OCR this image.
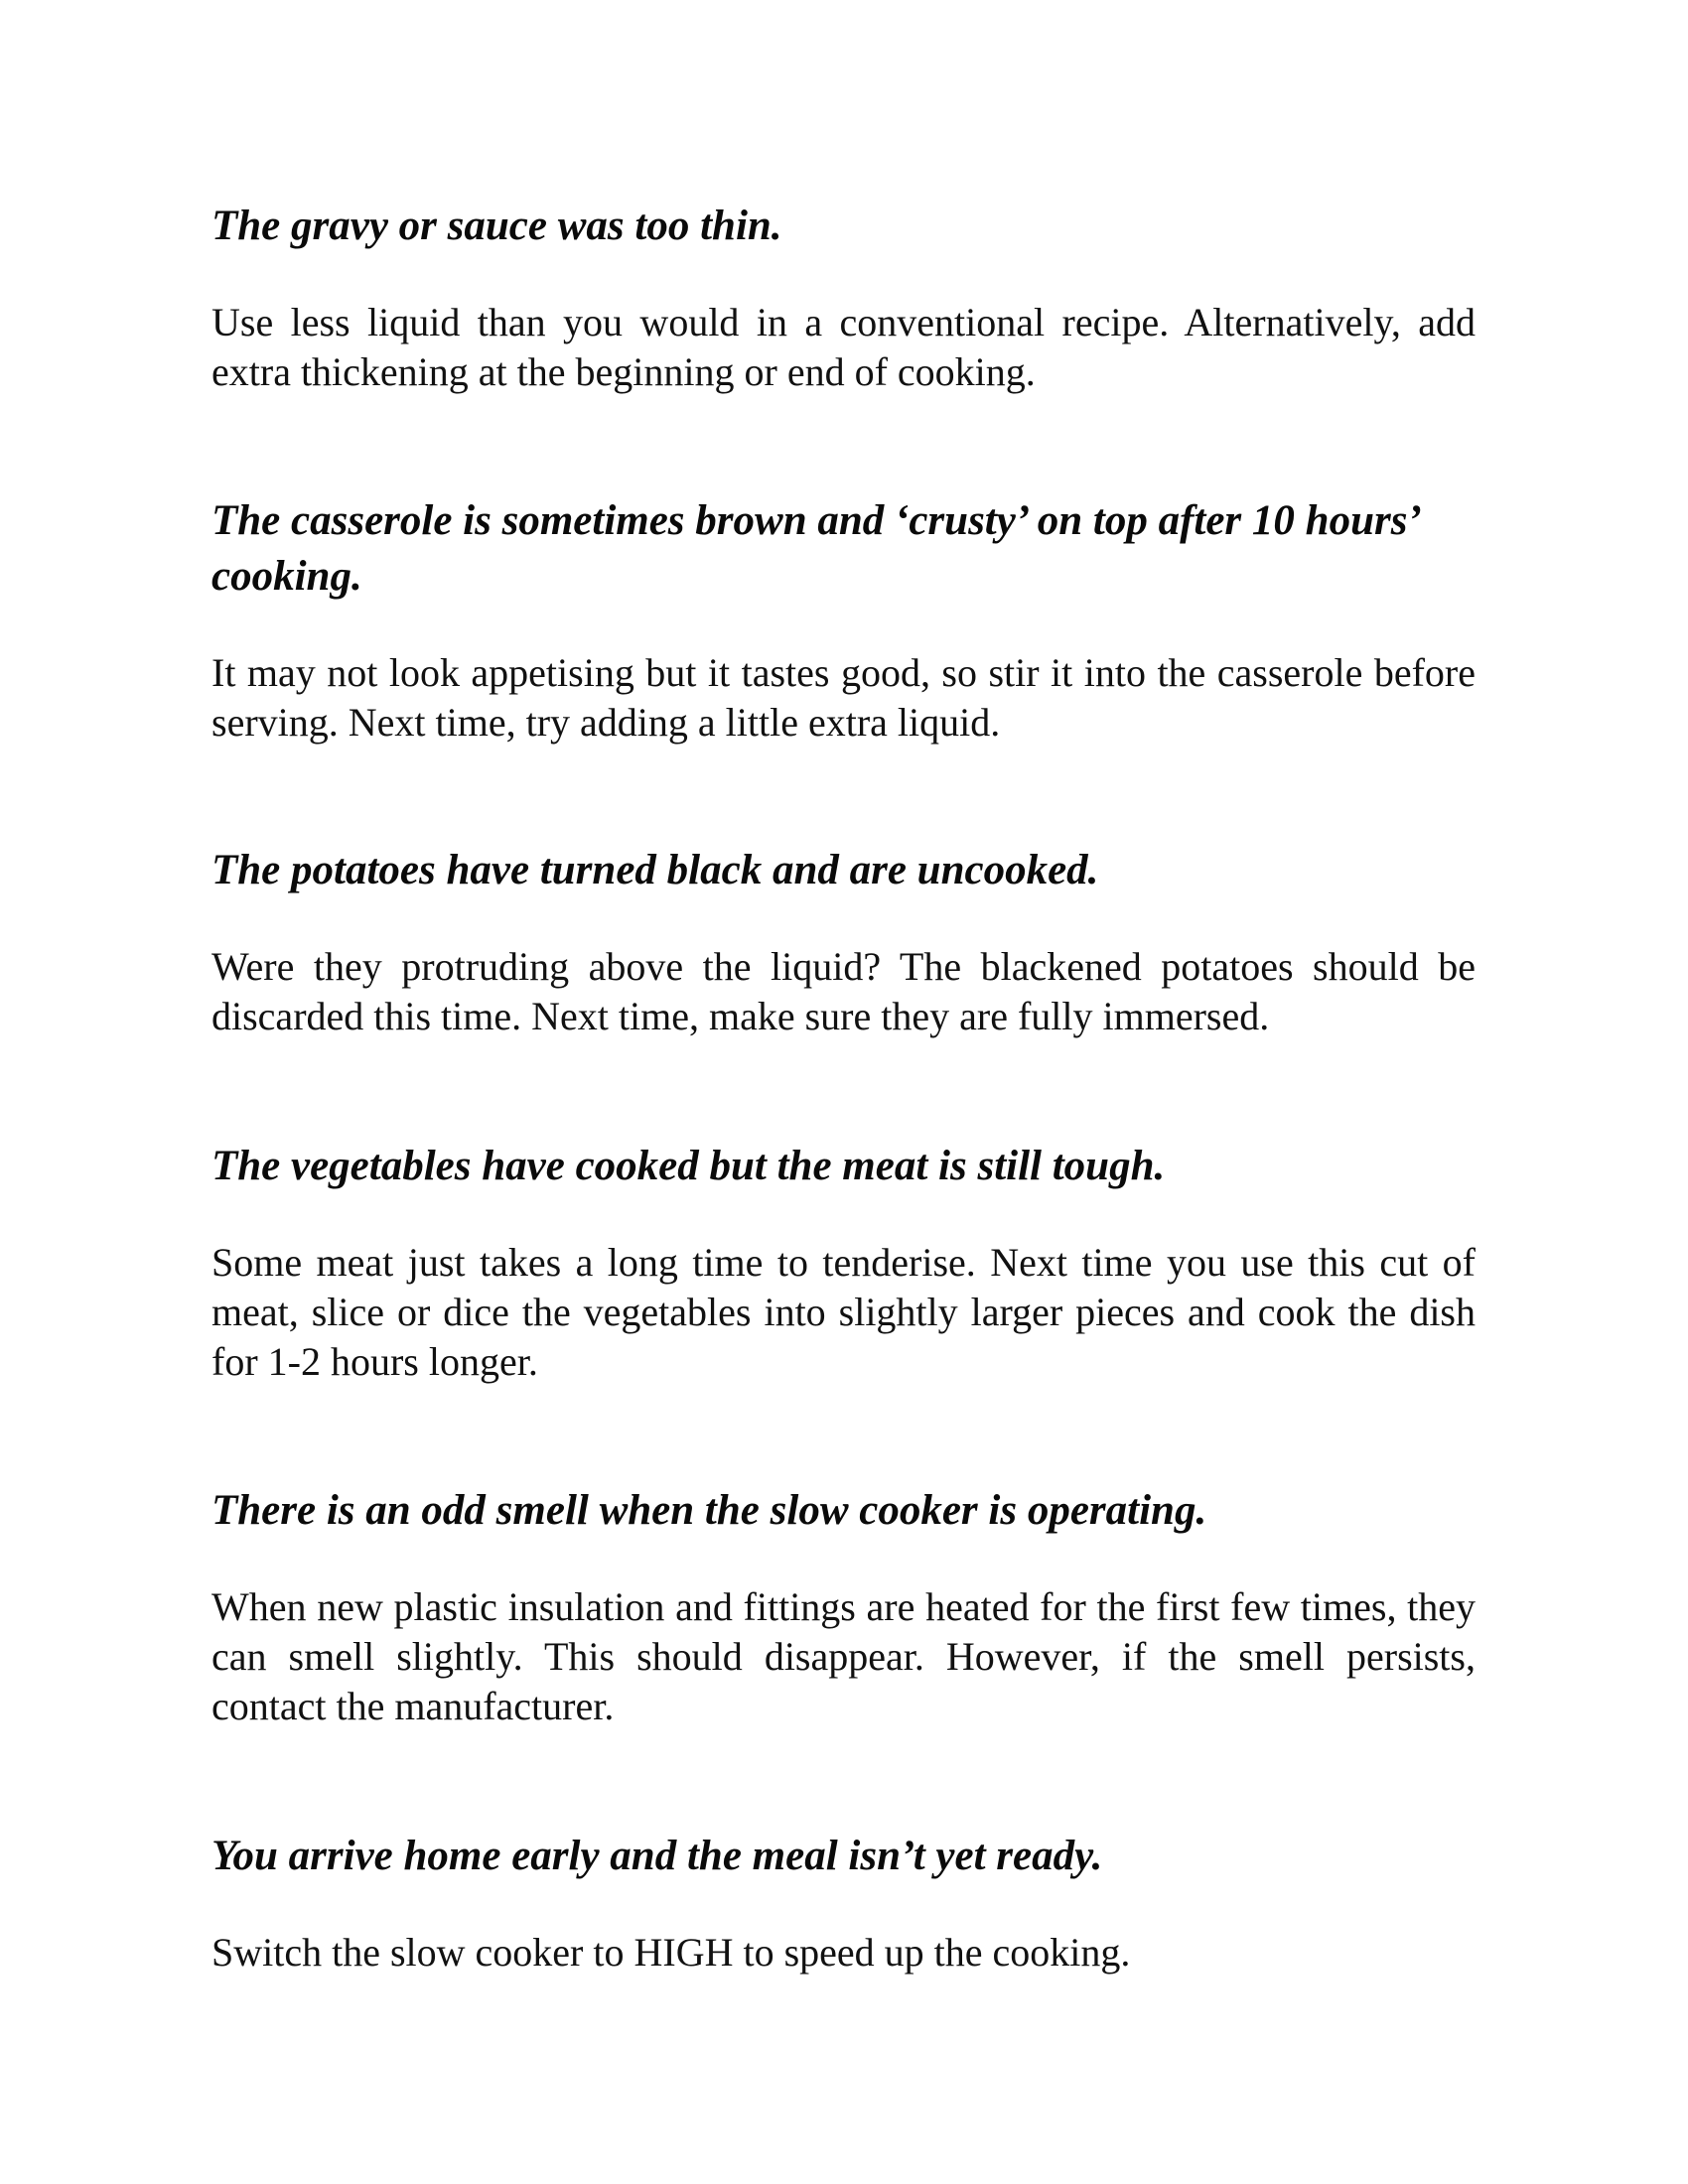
The gravy or sauce was too thin.

Use less liquid than you would in a conventional recipe. Alternatively, add extra thickening at the beginning or end of cooking.

The casserole is sometimes brown and ‘crusty’ on top after 10 hours’ cooking.

It may not look appetising but it tastes good, so stir it into the casserole before serving. Next time, try adding a little extra liquid.

The potatoes have turned black and are uncooked.

Were they protruding above the liquid? The blackened potatoes should be discarded this time. Next time, make sure they are fully immersed.

The vegetables have cooked but the meat is still tough.

Some meat just takes a long time to tenderise. Next time you use this cut of meat, slice or dice the vegetables into slightly larger pieces and cook the dish for 1-2 hours longer.

There is an odd smell when the slow cooker is operating.

When new plastic insulation and fittings are heated for the first few times, they can smell slightly. This should disappear. However, if the smell persists, contact the manufacturer.

You arrive home early and the meal isn’t yet ready.

Switch the slow cooker to HIGH to speed up the cooking.
